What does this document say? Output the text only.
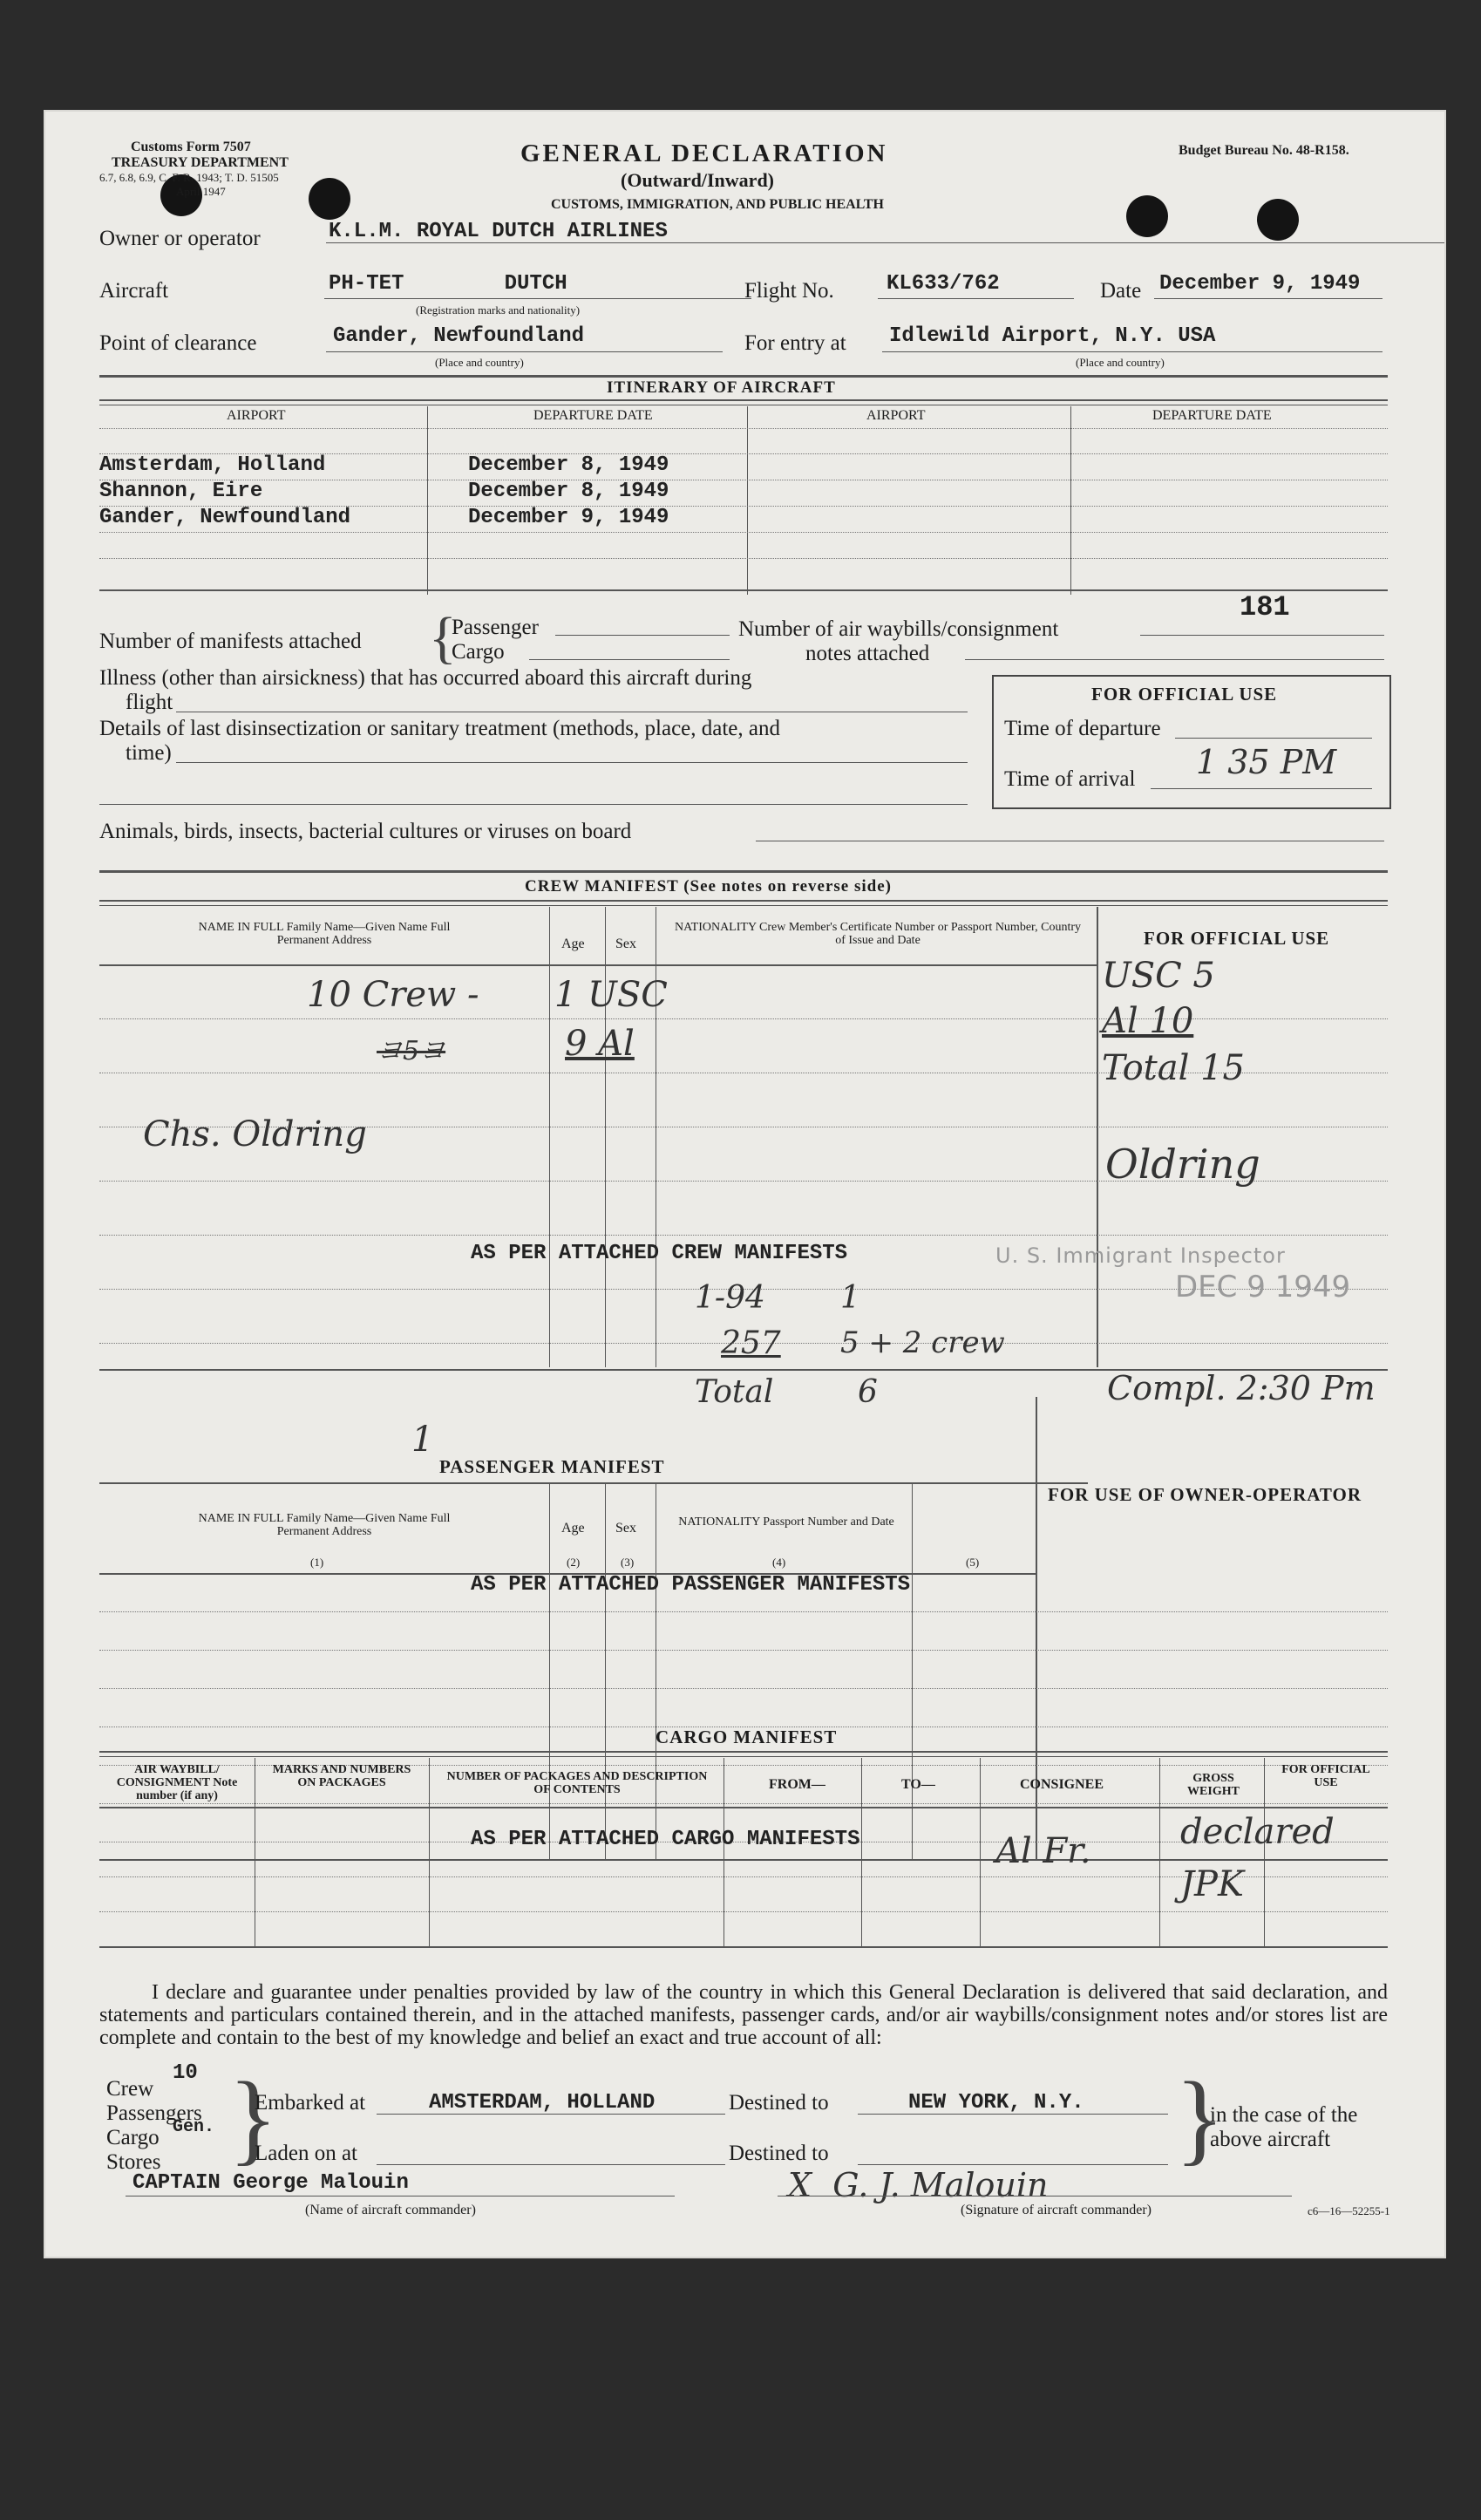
Customs Form 7507
TREASURY DEPARTMENT
6.7, 6.8, 6.9, C. F. R. 1943; T. D. 51505
April 1947
GENERAL DECLARATION
(Outward/Inward)
CUSTOMS, IMMIGRATION, AND PUBLIC HEALTH
Budget Bureau No. 48-R158.
Owner or operator	K.L.M. ROYAL DUTCH AIRLINES
Aircraft	PH-TET        DUTCH
(Registration marks and nationality)
Flight No.	KL633/762	Date December 9, 1949
Point of clearance	Gander, Newfoundland
(Place and country)
For entry at Idlewild Airport, N.Y. USA
(Place and country)
ITINERARY OF AIRCRAFT
AIRPORT	DEPARTURE DATE	AIRPORT	DEPARTURE DATE
Amsterdam, Holland	December 8, 1949
Shannon, Eire	December 8, 1949
Gander, Newfoundland	December 9, 1949
Number of manifests attached {
Passenger
Cargo
Number of air waybills/consignment
notes attached
181
Illness (other than airsickness) that has occurred aboard this aircraft during
flight
Details of last disinsectization or sanitary treatment (methods, place, date, and
time)
Animals, birds, insects, bacterial cultures or viruses on board
FOR OFFICIAL USE
Time of departure
Time of arrival 1 35 PM
CREW MANIFEST (See notes on reverse side)
NAME IN FULL Family Name—Given Name Full Permanent Address	Age Sex
NATIONALITY Crew Member's Certificate Number or Passport Number, Country of Issue and Date	FOR OFFICIAL USE
10 Crew - 1 USC
9 Al
ヨ5ヨ
Chs. Oldring
USC 5
Al 10
Total 15
Oldring
AS PER ATTACHED CREW MANIFESTS	U. S. Immigrant Inspector
DEC 9 1949
1-94 1
257 5 + 2 crew
Total	6	Compl. 2:30 Pm
1
PASSENGER MANIFEST
FOR USE OF OWNER-OPERATOR
NAME IN FULL Family Name—Given Name Full Permanent Address
(1)
Age
(2)
Sex
(3)
NATIONALITY Passport Number and Date
(4)	(5)
AS PER ATTACHED PASSENGER MANIFESTS
CARGO MANIFEST
AIR WAYBILL/ CONSIGNMENT Note number (if any)
MARKS AND NUMBERS ON PACKAGES	NUMBER OF PACKAGES AND DESCRIPTION OF CONTENTS	FROM—	TO—	CONSIGNEE	GROSS WEIGHT
FOR OFFICIAL USE
AS PER ATTACHED CARGO MANIFESTS	Al Fr.	declared
JPK
I declare and guarantee under penalties provided by law of the country in which this General Declaration is delivered that said declaration, and statements and particulars contained therein, and in the attached manifests, passenger cards, and/or air waybills/consignment notes and/or stores list are complete and contain to the best of my knowledge and belief an exact and true account of all:
Crew
10
Passengers
Gen.
Cargo
Stores }
Embarked at	AMSTERDAM, HOLLAND
Laden on at
Destined to	NEW YORK, N.Y.
Destined to	}
in the case of the
above aircraft
CAPTAIN George Malouin
(Name of aircraft commander)
X  G. J. Malouin
(Signature of aircraft commander)	c6—16—52255-1
